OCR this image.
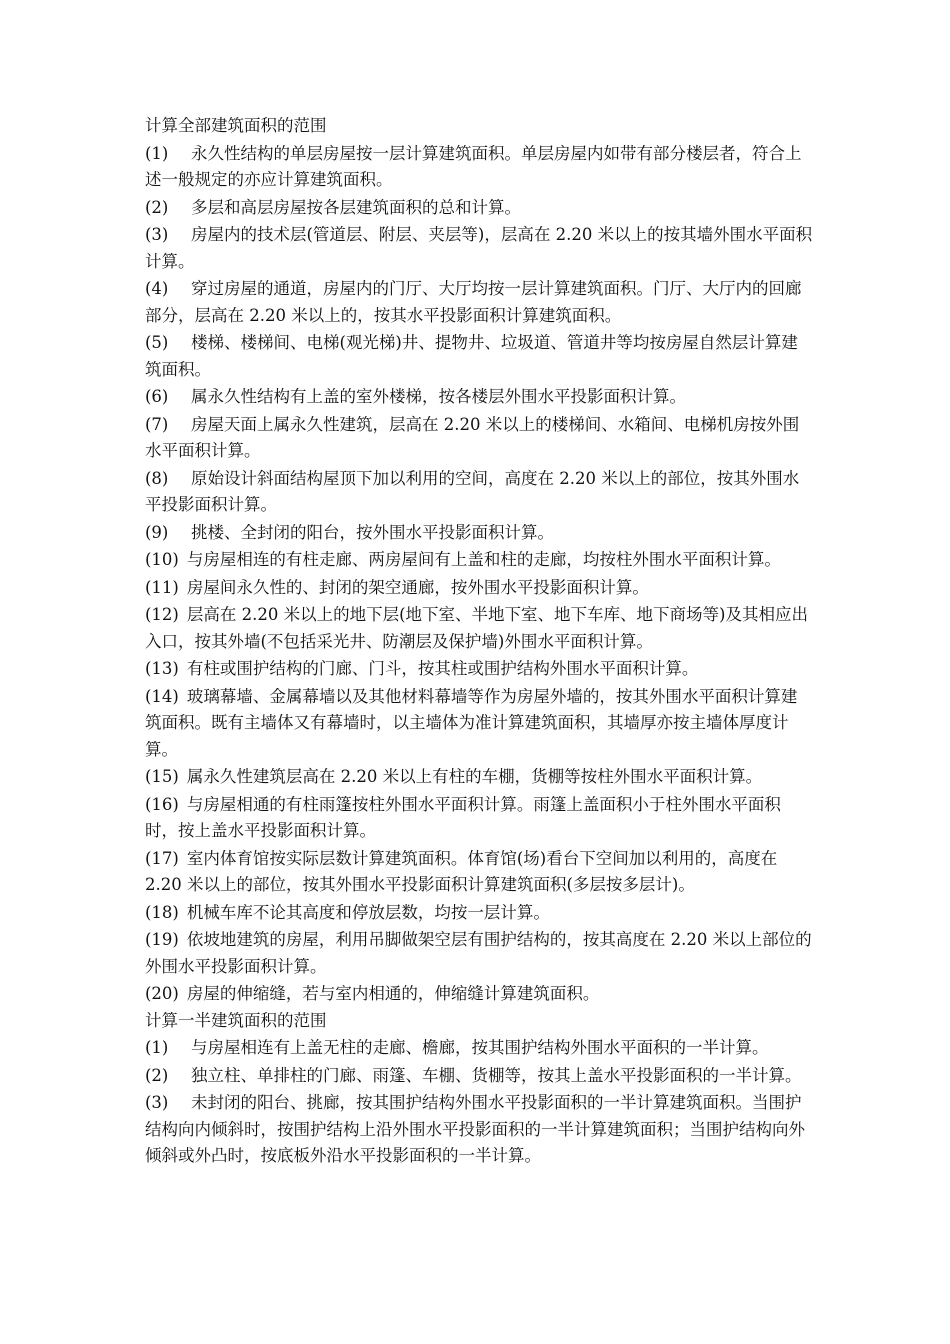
计算全部建筑面积的范围

(1) 永久性结构的单层房屋按一层计算建筑面积。单层房屋内如带有部分楼层者，符合上述一般规定的亦应计算建筑面积。

(2) 多层和高层房屋按各层建筑面积的总和计算。

(3) 房屋内的技术层(管道层、附层、夹层等)，层高在 2.20 米以上的按其墙外围水平面积计算。

(4) 穿过房屋的通道，房屋内的门厅、大厅均按一层计算建筑面积。门厅、大厅内的回廊部分，层高在 2.20 米以上的，按其水平投影面积计算建筑面积。

(5) 楼梯、楼梯间、电梯(观光梯)井、提物井、垃圾道、管道井等均按房屋自然层计算建筑面积。

(6) 属永久性结构有上盖的室外楼梯，按各楼层外围水平投影面积计算。

(7) 房屋天面上属永久性建筑，层高在 2.20 米以上的楼梯间、水箱间、电梯机房按外围水平面积计算。

(8) 原始设计斜面结构屋顶下加以利用的空间，高度在 2.20 米以上的部位，按其外围水平投影面积计算。

(9) 挑楼、全封闭的阳台，按外围水平投影面积计算。

(10) 与房屋相连的有柱走廊、两房屋间有上盖和柱的走廊，均按柱外围水平面积计算。

(11) 房屋间永久性的、封闭的架空通廊，按外围水平投影面积计算。

(12) 层高在 2.20 米以上的地下层(地下室、半地下室、地下车库、地下商场等)及其相应出入口，按其外墙(不包括采光井、防潮层及保护墙)外围水平面积计算。

(13) 有柱或围护结构的门廊、门斗，按其柱或围护结构外围水平面积计算。

(14) 玻璃幕墙、金属幕墙以及其他材料幕墙等作为房屋外墙的，按其外围水平面积计算建筑面积。既有主墙体又有幕墙时，以主墙体为准计算建筑面积，其墙厚亦按主墙体厚度计算。

(15) 属永久性建筑层高在 2.20 米以上有柱的车棚，货棚等按柱外围水平面积计算。

(16) 与房屋相通的有柱雨篷按柱外围水平面积计算。雨篷上盖面积小于柱外围水平面积时，按上盖水平投影面积计算。

(17) 室内体育馆按实际层数计算建筑面积。体育馆(场)看台下空间加以利用的，高度在 2.20 米以上的部位，按其外围水平投影面积计算建筑面积(多层按多层计)。

(18) 机械车库不论其高度和停放层数，均按一层计算。

(19) 依坡地建筑的房屋，利用吊脚做架空层有围护结构的，按其高度在 2.20 米以上部位的外围水平投影面积计算。

(20) 房屋的伸缩缝，若与室内相通的，伸缩缝计算建筑面积。

计算一半建筑面积的范围

(1) 与房屋相连有上盖无柱的走廊、檐廊，按其围护结构外围水平面积的一半计算。

(2) 独立柱、单排柱的门廊、雨篷、车棚、货棚等，按其上盖水平投影面积的一半计算。

(3) 未封闭的阳台、挑廊，按其围护结构外围水平投影面积的一半计算建筑面积。当围护结构向内倾斜时，按围护结构上沿外围水平投影面积的一半计算建筑面积；当围护结构向外倾斜或外凸时，按底板外沿水平投影面积的一半计算。
